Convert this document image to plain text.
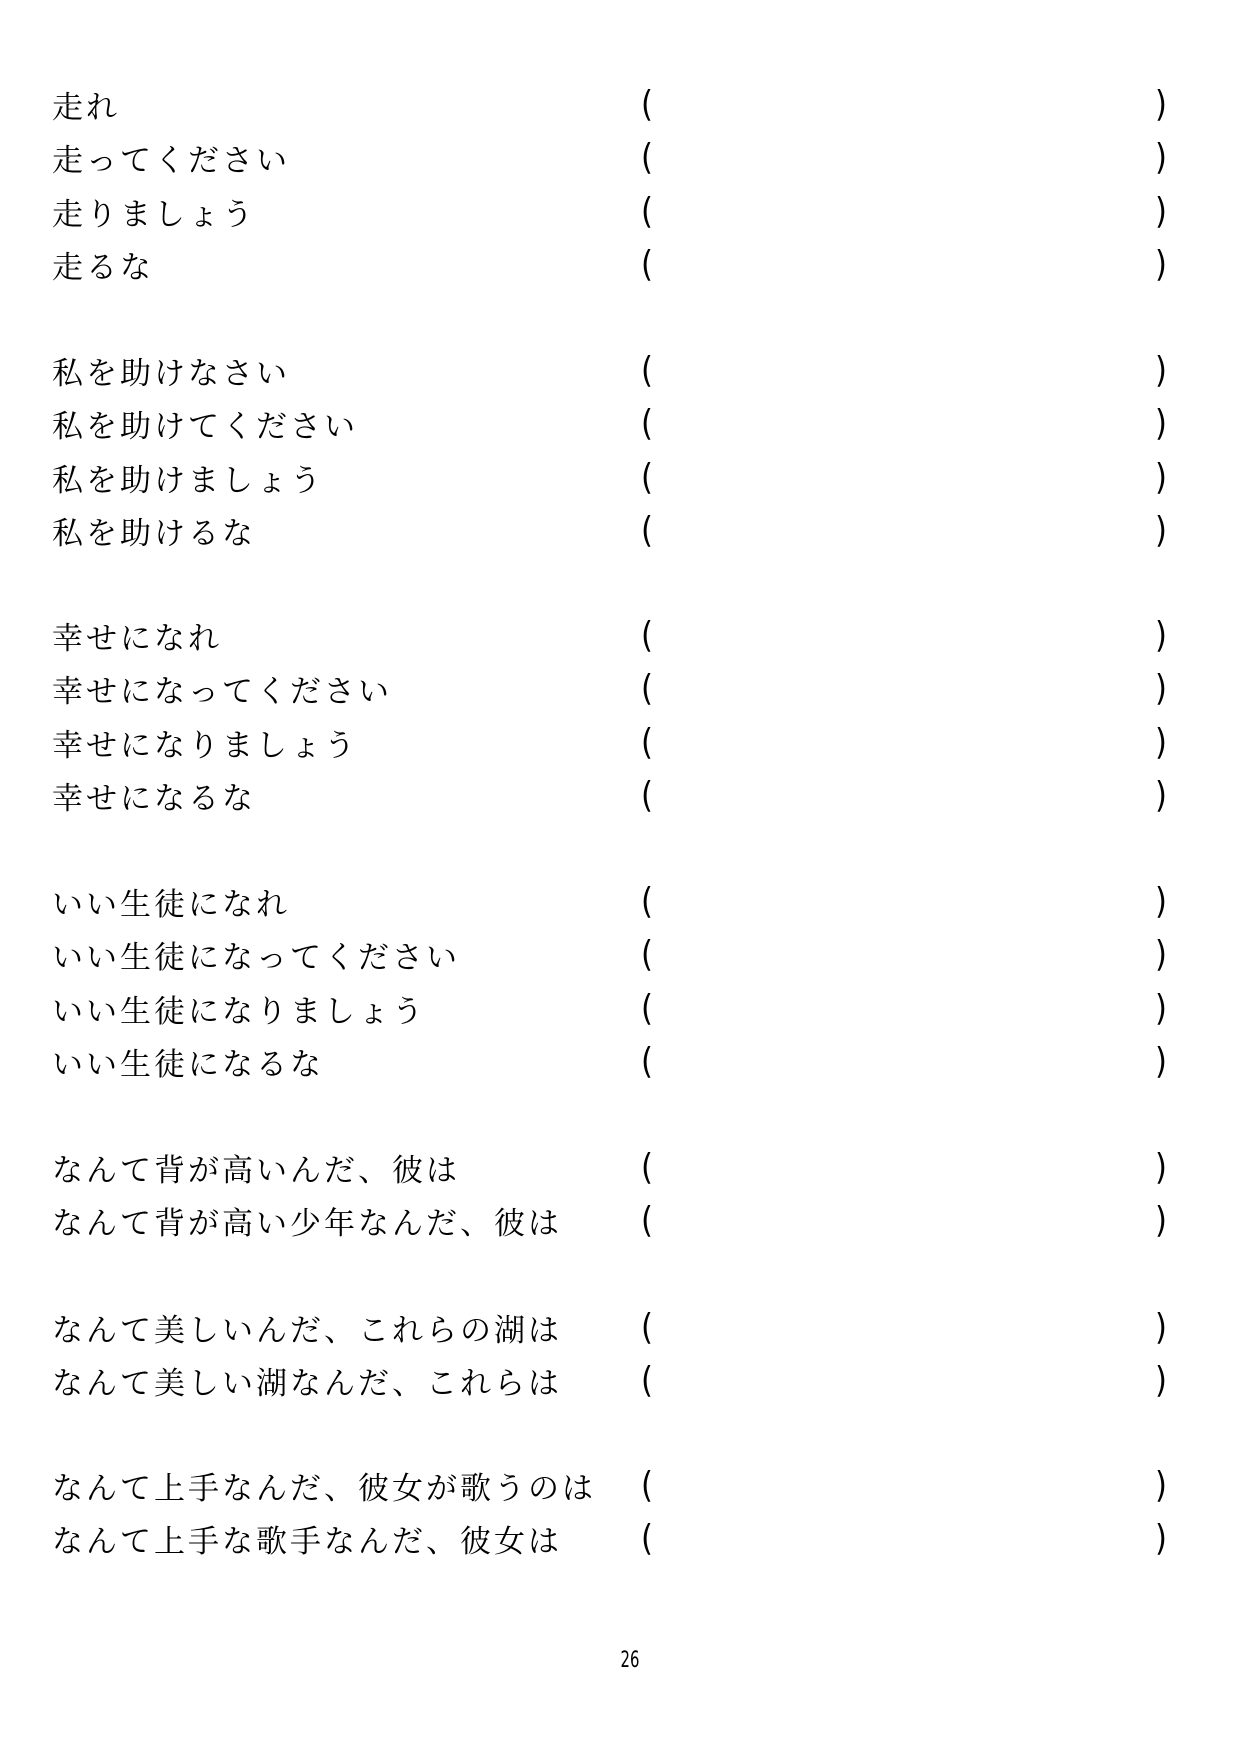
走れ	(	)
走ってください	(	)
走りましょう	(	)
走るな	(	)
私を助けなさい	(	)
私を助けてください	(	)
私を助けましょう	(	)
私を助けるな	(	)
幸せになれ	(	)
幸せになってください	(	)
幸せになりましょう	(	)
幸せになるな	(	)
いい生徒になれ	(	)
いい生徒になってください	(	)
いい生徒になりましょう	(	)
いい生徒になるな	(	)
なんて背が高いんだ、彼は	(	)
なんて背が高い少年なんだ、彼は (	)
なんて美しいんだ、これらの湖は (	)
なんて美しい湖なんだ、これらは (	)
なんて上手なんだ、彼女が歌うのは (	)
なんて上手な歌手なんだ、彼女は (	)
26
